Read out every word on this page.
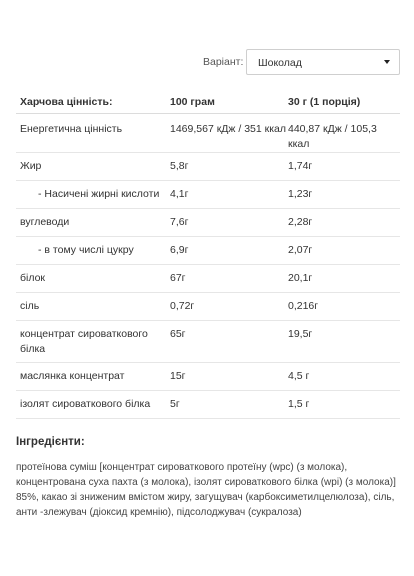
Варіант: Шоколад
Харчова цінність:	100 грам	30 г (1 порція)
Енергетична цінність	1469,567 кДж / 351 ккал	440,87 кДж / 105,3 ккал
Жир	5,8г	1,74г
- Насичені жирні кислоти	4,1г	1,23г
вуглеводи	7,6г	2,28г
- в тому числі цукру	6,9г	2,07г
білок	67г	20,1г
сіль	0,72г	0,216г
концентрат сироваткового білка	65г	19,5г
маслянка концентрат	15г	4,5 г
ізолят сироваткового білка	5г	1,5 г
Інгредієнти:
протеїнова суміш [концентрат сироваткового протеїну (wpc) (з молока), концентрована суха пахта (з молока), ізолят сироваткового білка (wpi) (з молока)] 85%, какао зі зниженим вмістом жиру, загущувач (карбоксиметилцелюлоза), сіль, анти -злежувач (діоксид кремнію), підсолоджувач (сукралоза)
